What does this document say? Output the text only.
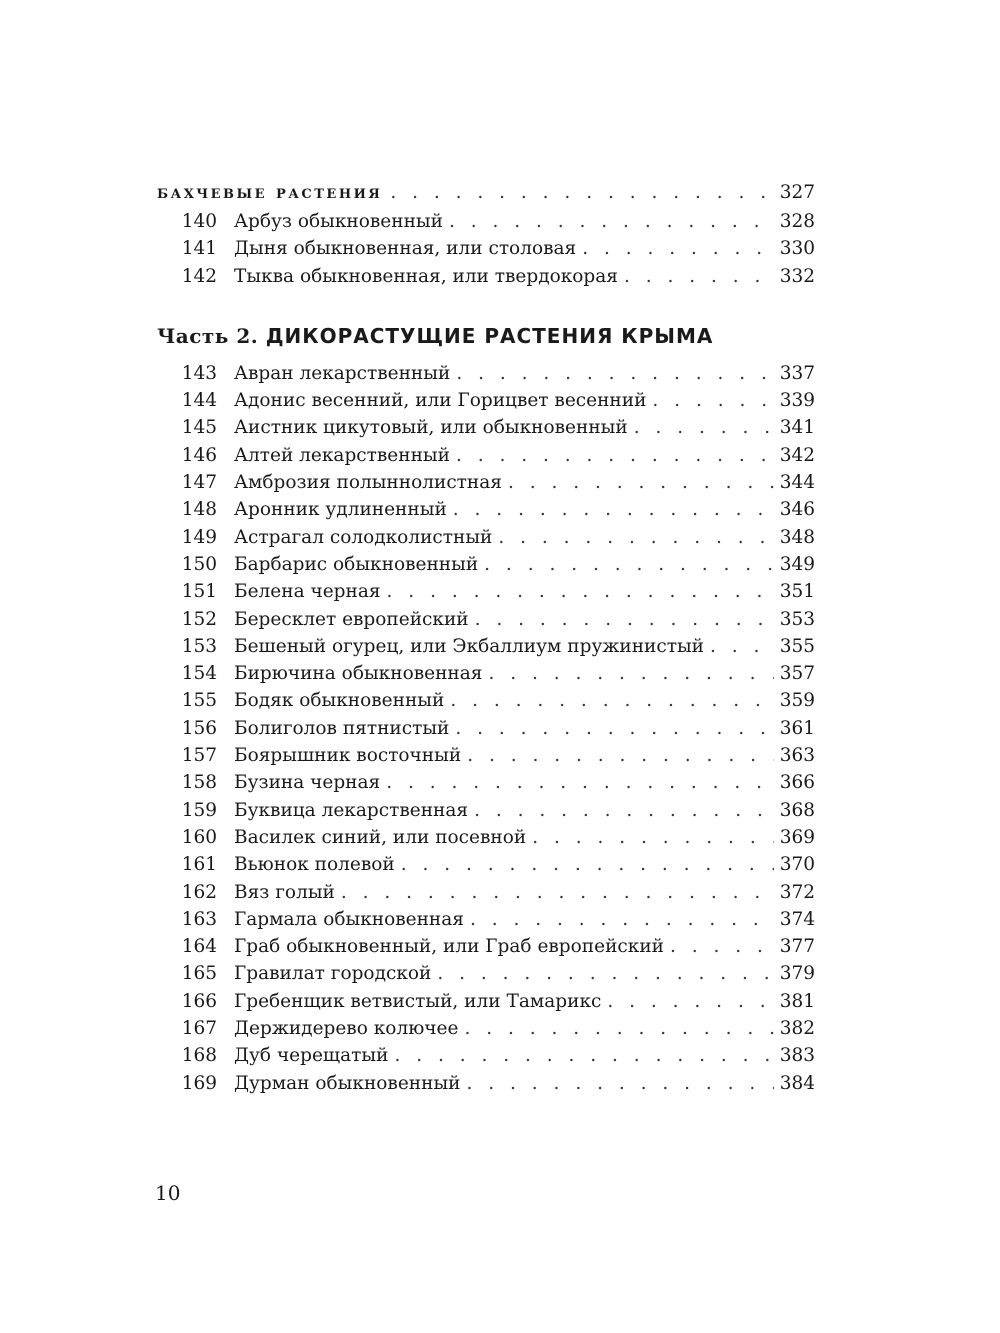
бахчевые растения . . .	327
140 Арбуз обыкновенный . . .	328
141 Дыня обыкновенная, или столовая . . .	330
142 Тыква обыкновенная, или твердокорая . . .	332
Часть 2. ДИКОРАСТУЩИЕ РАСТЕНИЯ КРЫМА
143 Авран лекарственный . . .	337
144 Адонис весенний, или Горицвет весенний . . .	339
145 Аистник цикутовый, или обыкновенный . . .	341
146 Алтей лекарственный . . .	342
147 Амброзия полыннолистная . . .	344
148 Аронник удлиненный . . .	346
149 Астрагал солодколистный . . .	348
150 Барбарис обыкновенный . . .	349
151 Белена черная . . .	351
152 Бересклет европейский . . .	353
153 Бешеный огурец, или Экбаллиум пружинистый . . .	355
154 Бирючина обыкновенная . . .	357
155 Бодяк обыкновенный . . .	359
156 Болиголов пятнистый . . .	361
157 Боярышник восточный . . .	363
158 Бузина черная . . .	366
159 Буквица лекарственная . . .	368
160 Василек синий, или посевной . . .	369
161 Вьюнок полевой . . .	370
162 Вяз голый . . .	372
163 Гармала обыкновенная . . .	374
164 Граб обыкновенный, или Граб европейский . . .	377
165 Гравилат городской . . .	379
166 Гребенщик ветвистый, или Тамарикс . . .	381
167 Держидерево колючее . . .	382
168 Дуб черещатый . . .	383
169 Дурман обыкновенный . . .	384
10
